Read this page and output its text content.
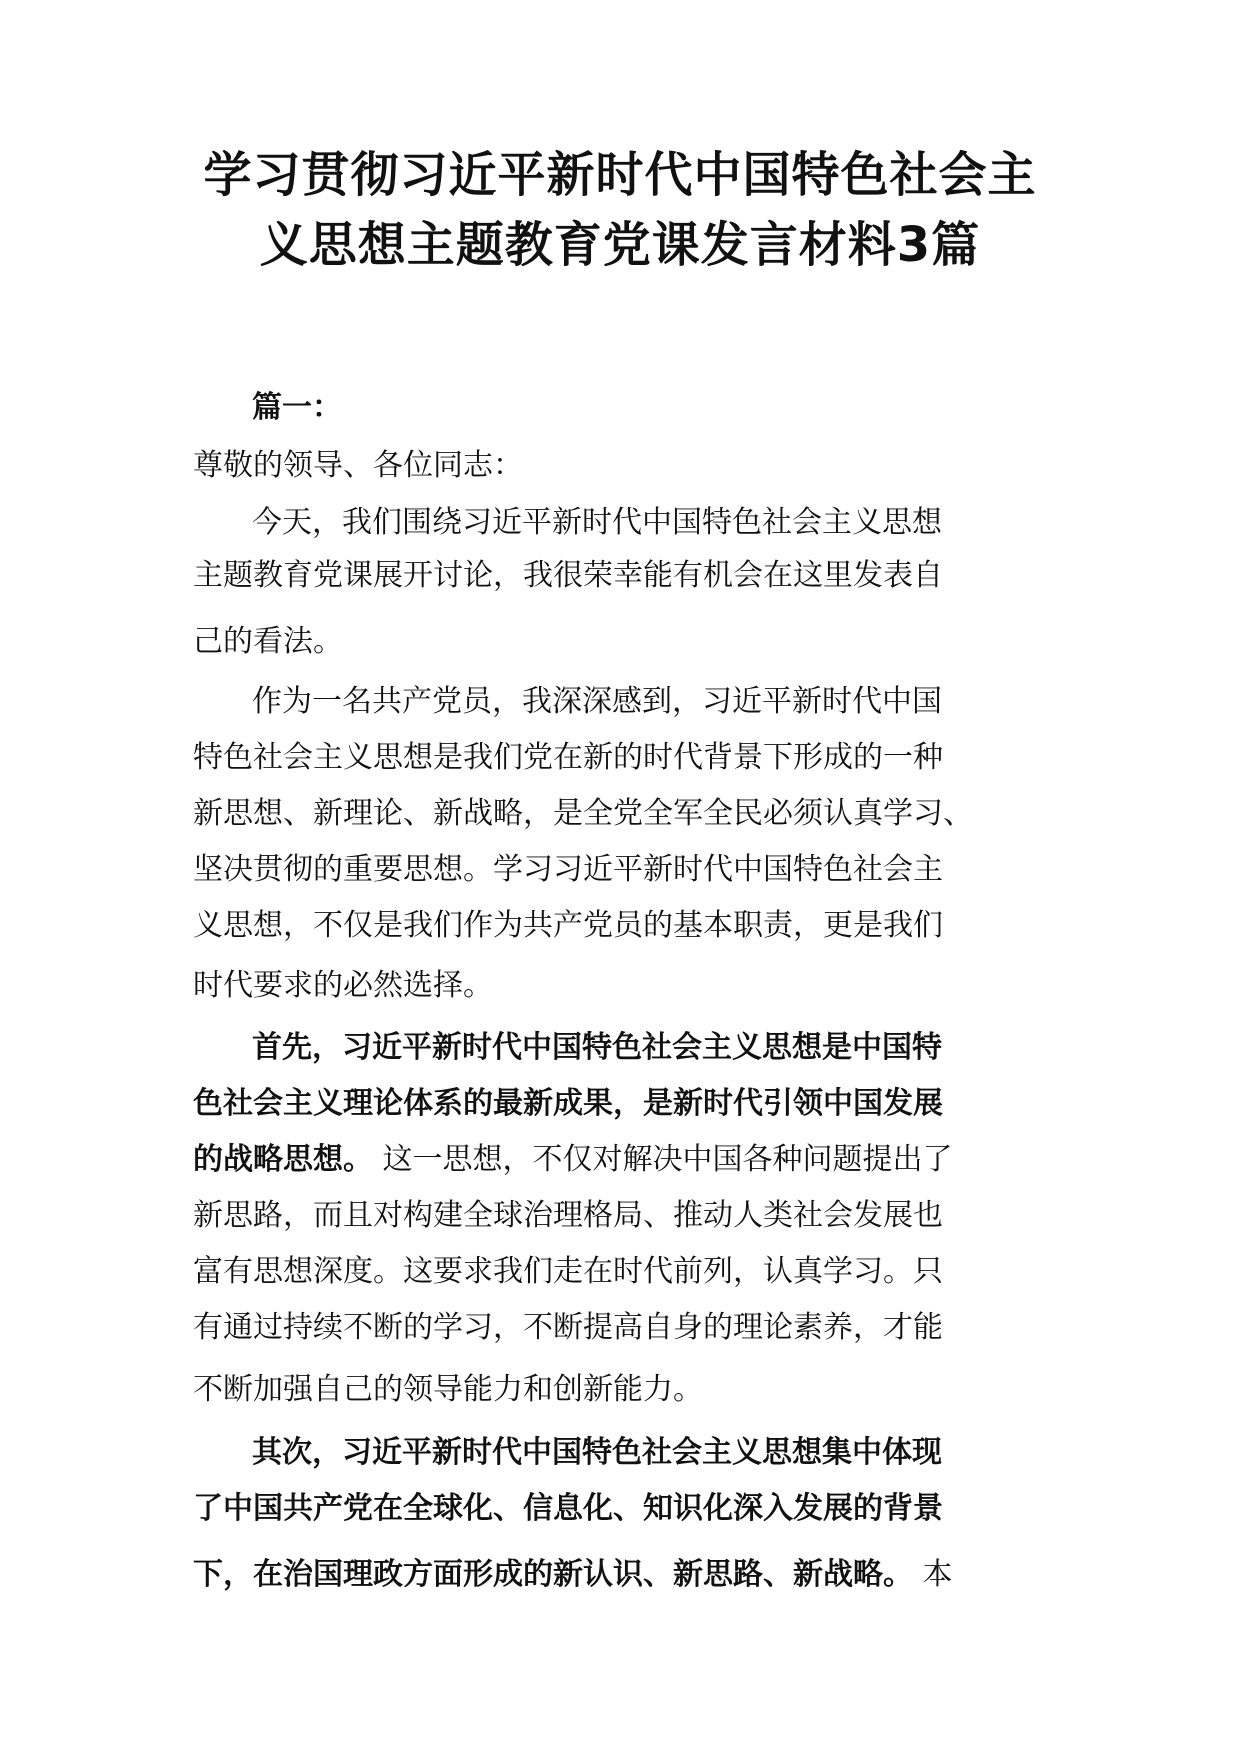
学习贯彻习近平新时代中国特色社会主
义思想主题教育党课发言材料3篇

篇一：

尊敬的领导、各位同志：

今天，我们围绕习近平新时代中国特色社会主义思想

主题教育党课展开讨论，我很荣幸能有机会在这里发表自

己的看法。

作为一名共产党员，我深深感到，习近平新时代中国

特色社会主义思想是我们党在新的时代背景下形成的一种

新思想、新理论、新战略，是全党全军全民必须认真学习、

坚决贯彻的重要思想。学习习近平新时代中国特色社会主

义思想，不仅是我们作为共产党员的基本职责，更是我们

时代要求的必然选择。

首先，习近平新时代中国特色社会主义思想是中国特

色社会主义理论体系的最新成果，是新时代引领中国发展

的战略思想。 这一思想，不仅对解决中国各种问题提出了

新思路，而且对构建全球治理格局、推动人类社会发展也

富有思想深度。这要求我们走在时代前列，认真学习。只

有通过持续不断的学习，不断提高自身的理论素养，才能

不断加强自己的领导能力和创新能力。

其次，习近平新时代中国特色社会主义思想集中体现

了中国共产党在全球化、信息化、知识化深入发展的背景

下，在治国理政方面形成的新认识、新思路、新战略。 本
